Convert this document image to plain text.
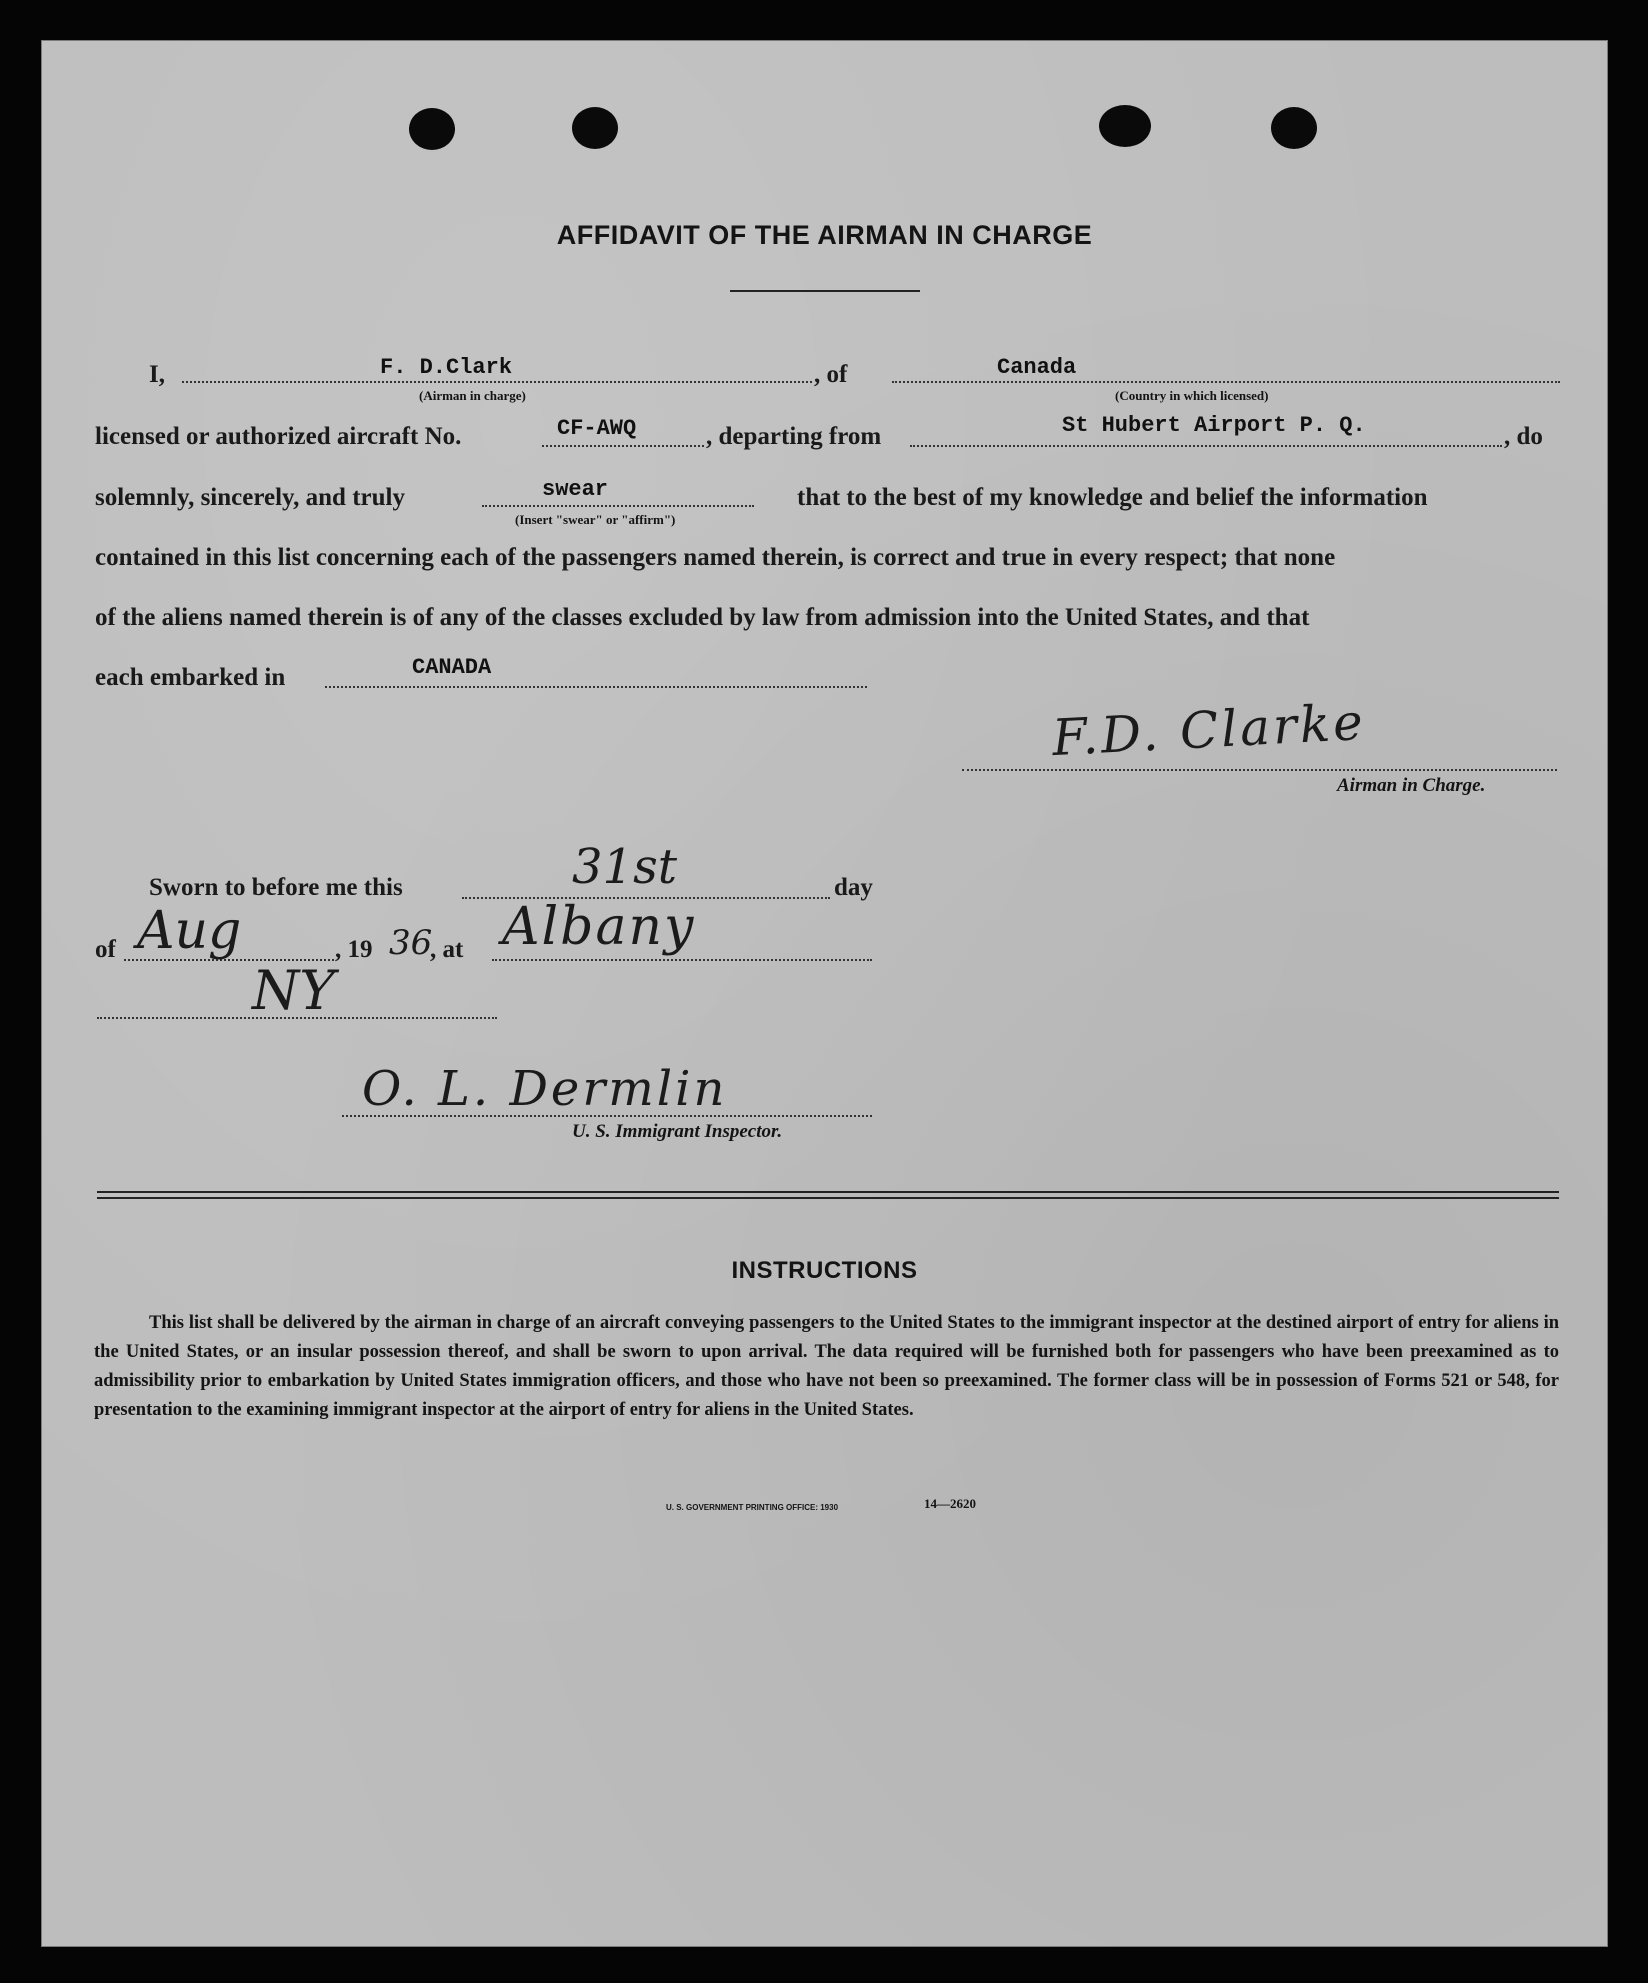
AFFIDAVIT OF THE AIRMAN IN CHARGE
I,	F. D.Clark
(Airman in charge)
, of	Canada
(Country in which licensed)
licensed or authorized aircraft No.	CF-AWQ	, departing from	St Hubert Airport P. Q.	, do
solemnly, sincerely, and truly	swear
(Insert "swear" or "affirm")
that to the best of my knowledge and belief the information
contained in this list concerning each of the passengers named therein, is correct and true in every respect; that none
of the aliens named therein is of any of the classes excluded by law from admission into the United States, and that
each embarked in	CANADA
F.D. Clarke
Airman in Charge.
Sworn to before me this	31st	day
of Aug	, 19 36
, at Albany
NY
O. L. Dermlin
U. S. Immigrant Inspector.
INSTRUCTIONS
This list shall be delivered by the airman in charge of an aircraft conveying passengers to the United States to the immigrant inspector at the destined airport of entry for aliens in the United States, or an insular possession thereof, and shall be sworn to upon arrival. The data required will be furnished both for passengers who have been preexamined as to admissibility prior to embarkation by United States immigration officers, and those who have not been so preexamined. The former class will be in possession of Forms 521 or 548, for presentation to the examining immigrant inspector at the airport of entry for aliens in the United States.
U. S. GOVERNMENT PRINTING OFFICE: 1930	14—2620
